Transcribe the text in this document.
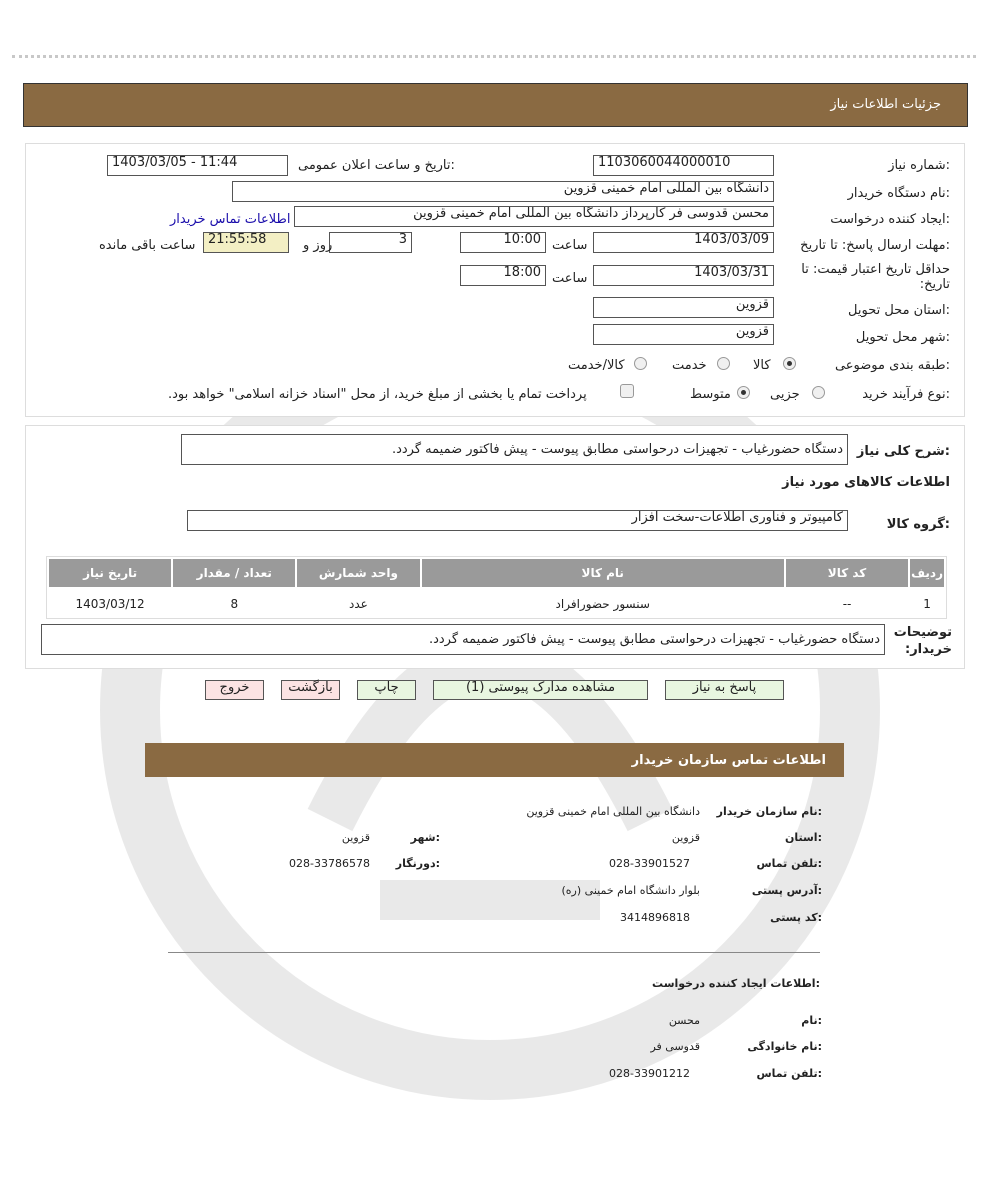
جزئیات اطلاعات نیاز
شماره نیاز:
1103060044000010
تاریخ و ساعت اعلان عمومی:
1403/03/05 - 11:44
نام دستگاه خریدار:
دانشگاه بین المللی امام خمینی قزوین
ایجاد کننده درخواست:
محسن قدوسی فر کارپرداز دانشگاه بین المللی امام خمینی قزوین
اطلاعات تماس خریدار
مهلت ارسال پاسخ: تا تاریخ:
1403/03/09
ساعت
10:00
3
روز و
21:55:58
ساعت باقی مانده
حداقل تاریخ اعتبار قیمت: تا تاریخ:
1403/03/31
ساعت
18:00
استان محل تحویل:
قزوین
شهر محل تحویل:
قزوین
طبقه بندی موضوعی:
کالا
خدمت
کالا/خدمت
نوع فرآیند خرید:
جزیی
متوسط
پرداخت تمام یا بخشی از مبلغ خرید، از محل "اسناد خزانه اسلامی" خواهد بود.
شرح کلی نیاز:
دستگاه حضورغیاب - تجهیزات درحواستی مطابق پیوست - پیش فاکتور ضمیمه گردد.
اطلاعات کالاهای مورد نیاز
گروه کالا:
کامپیوتر و فناوری اطلاعات-سخت افزار
ردیف	کد کالا	نام کالا	واحد شمارش	تعداد / مقدار	تاریخ نیاز
1	--	سنسور حضورافراد	عدد	8	1403/03/12
توضیحات خریدار:
دستگاه حضورغیاب - تجهیزات درحواستی مطابق پیوست - پیش فاکتور ضمیمه گردد.
پاسخ به نیاز
مشاهده مدارک پیوستی (1)
چاپ
بازگشت
خروج
اطلاعات تماس سازمان خریدار
نام سازمان خریدار:
دانشگاه بین المللی امام خمینی قزوین
استان:
قزوین
شهر:
قزوین
تلفن تماس:
028-33901527
دورنگار:
028-33786578
آدرس پستی:
بلوار دانشگاه امام خمینی (ره)
کد پستی:
3414896818
اطلاعات ایجاد کننده درخواست:
نام:
محسن
نام خانوادگی:
قدوسی فر
تلفن تماس:
028-33901212
